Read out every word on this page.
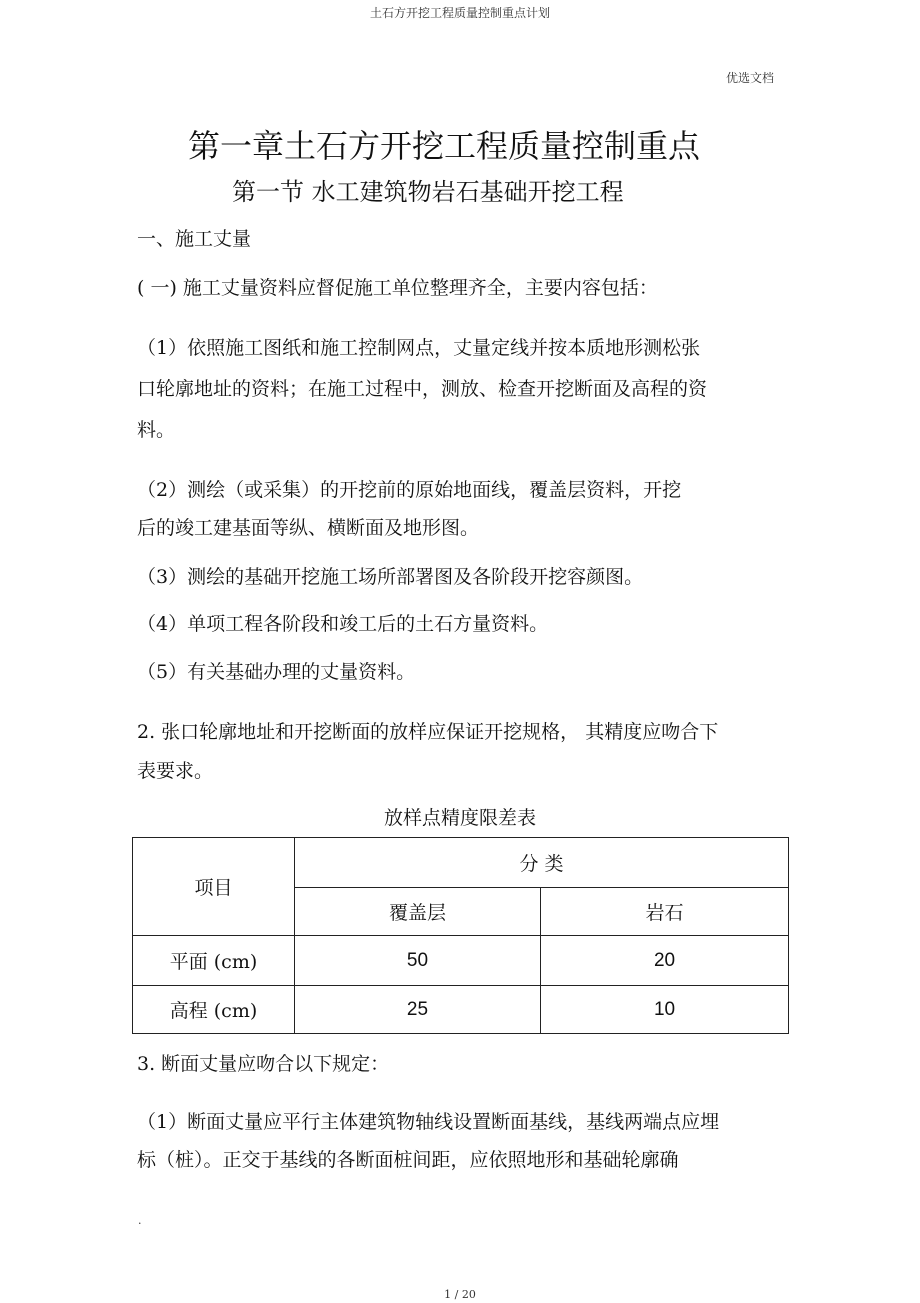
土石方开挖工程质量控制重点计划
优选文档
第一章土石方开挖工程质量控制重点
第一节 水工建筑物岩石基础开挖工程
一、施工丈量
( 一) 施工丈量资料应督促施工单位整理齐全，主要内容包括：
（1）依照施工图纸和施工控制网点，丈量定线并按本质地形测松张
口轮廓地址的资料；在施工过程中，测放、检查开挖断面及高程的资
料。
（2）测绘（或采集）的开挖前的原始地面线，覆盖层资料，开挖
后的竣工建基面等纵、横断面及地形图。
（3）测绘的基础开挖施工场所部署图及各阶段开挖容颜图。
（4）单项工程各阶段和竣工后的土石方量资料。
（5）有关基础办理的丈量资料。
2. 张口轮廓地址和开挖断面的放样应保证开挖规格， 其精度应吻合下
表要求。
放样点精度限差表
项目	分 类	
	覆盖层	岩石
平面 (cm)	50	20
高程 (cm)	25	10
3. 断面丈量应吻合以下规定：
（1）断面丈量应平行主体建筑物轴线设置断面基线，基线两端点应埋
标（桩）。正交于基线的各断面桩间距，应依照地形和基础轮廓确
.
1 / 20
